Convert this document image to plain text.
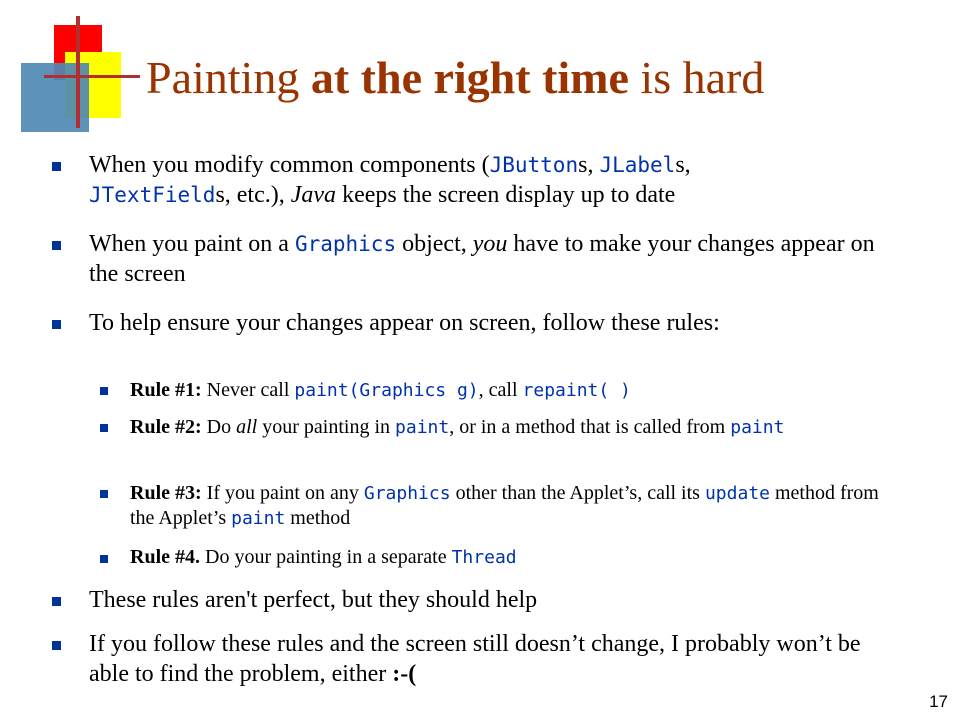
Painting at the right time is hard
When you modify common components (JButtons, JLabels,
JTextFields, etc.), Java keeps the screen display up to date
When you paint on a Graphics object, you have to make your changes appear on the screen
To help ensure your changes appear on screen, follow these rules:
Rule #1: Never call paint(Graphics g), call repaint( )
Rule #2: Do all your painting in paint, or in a method that is called from paint
Rule #3: If you paint on any Graphics other than the Applet’s, call its update method from the Applet’s paint method
Rule #4. Do your painting in a separate Thread
These rules aren't perfect, but they should help
If you follow these rules and the screen still doesn’t change, I probably won’t be able to find the problem, either :-(
17
